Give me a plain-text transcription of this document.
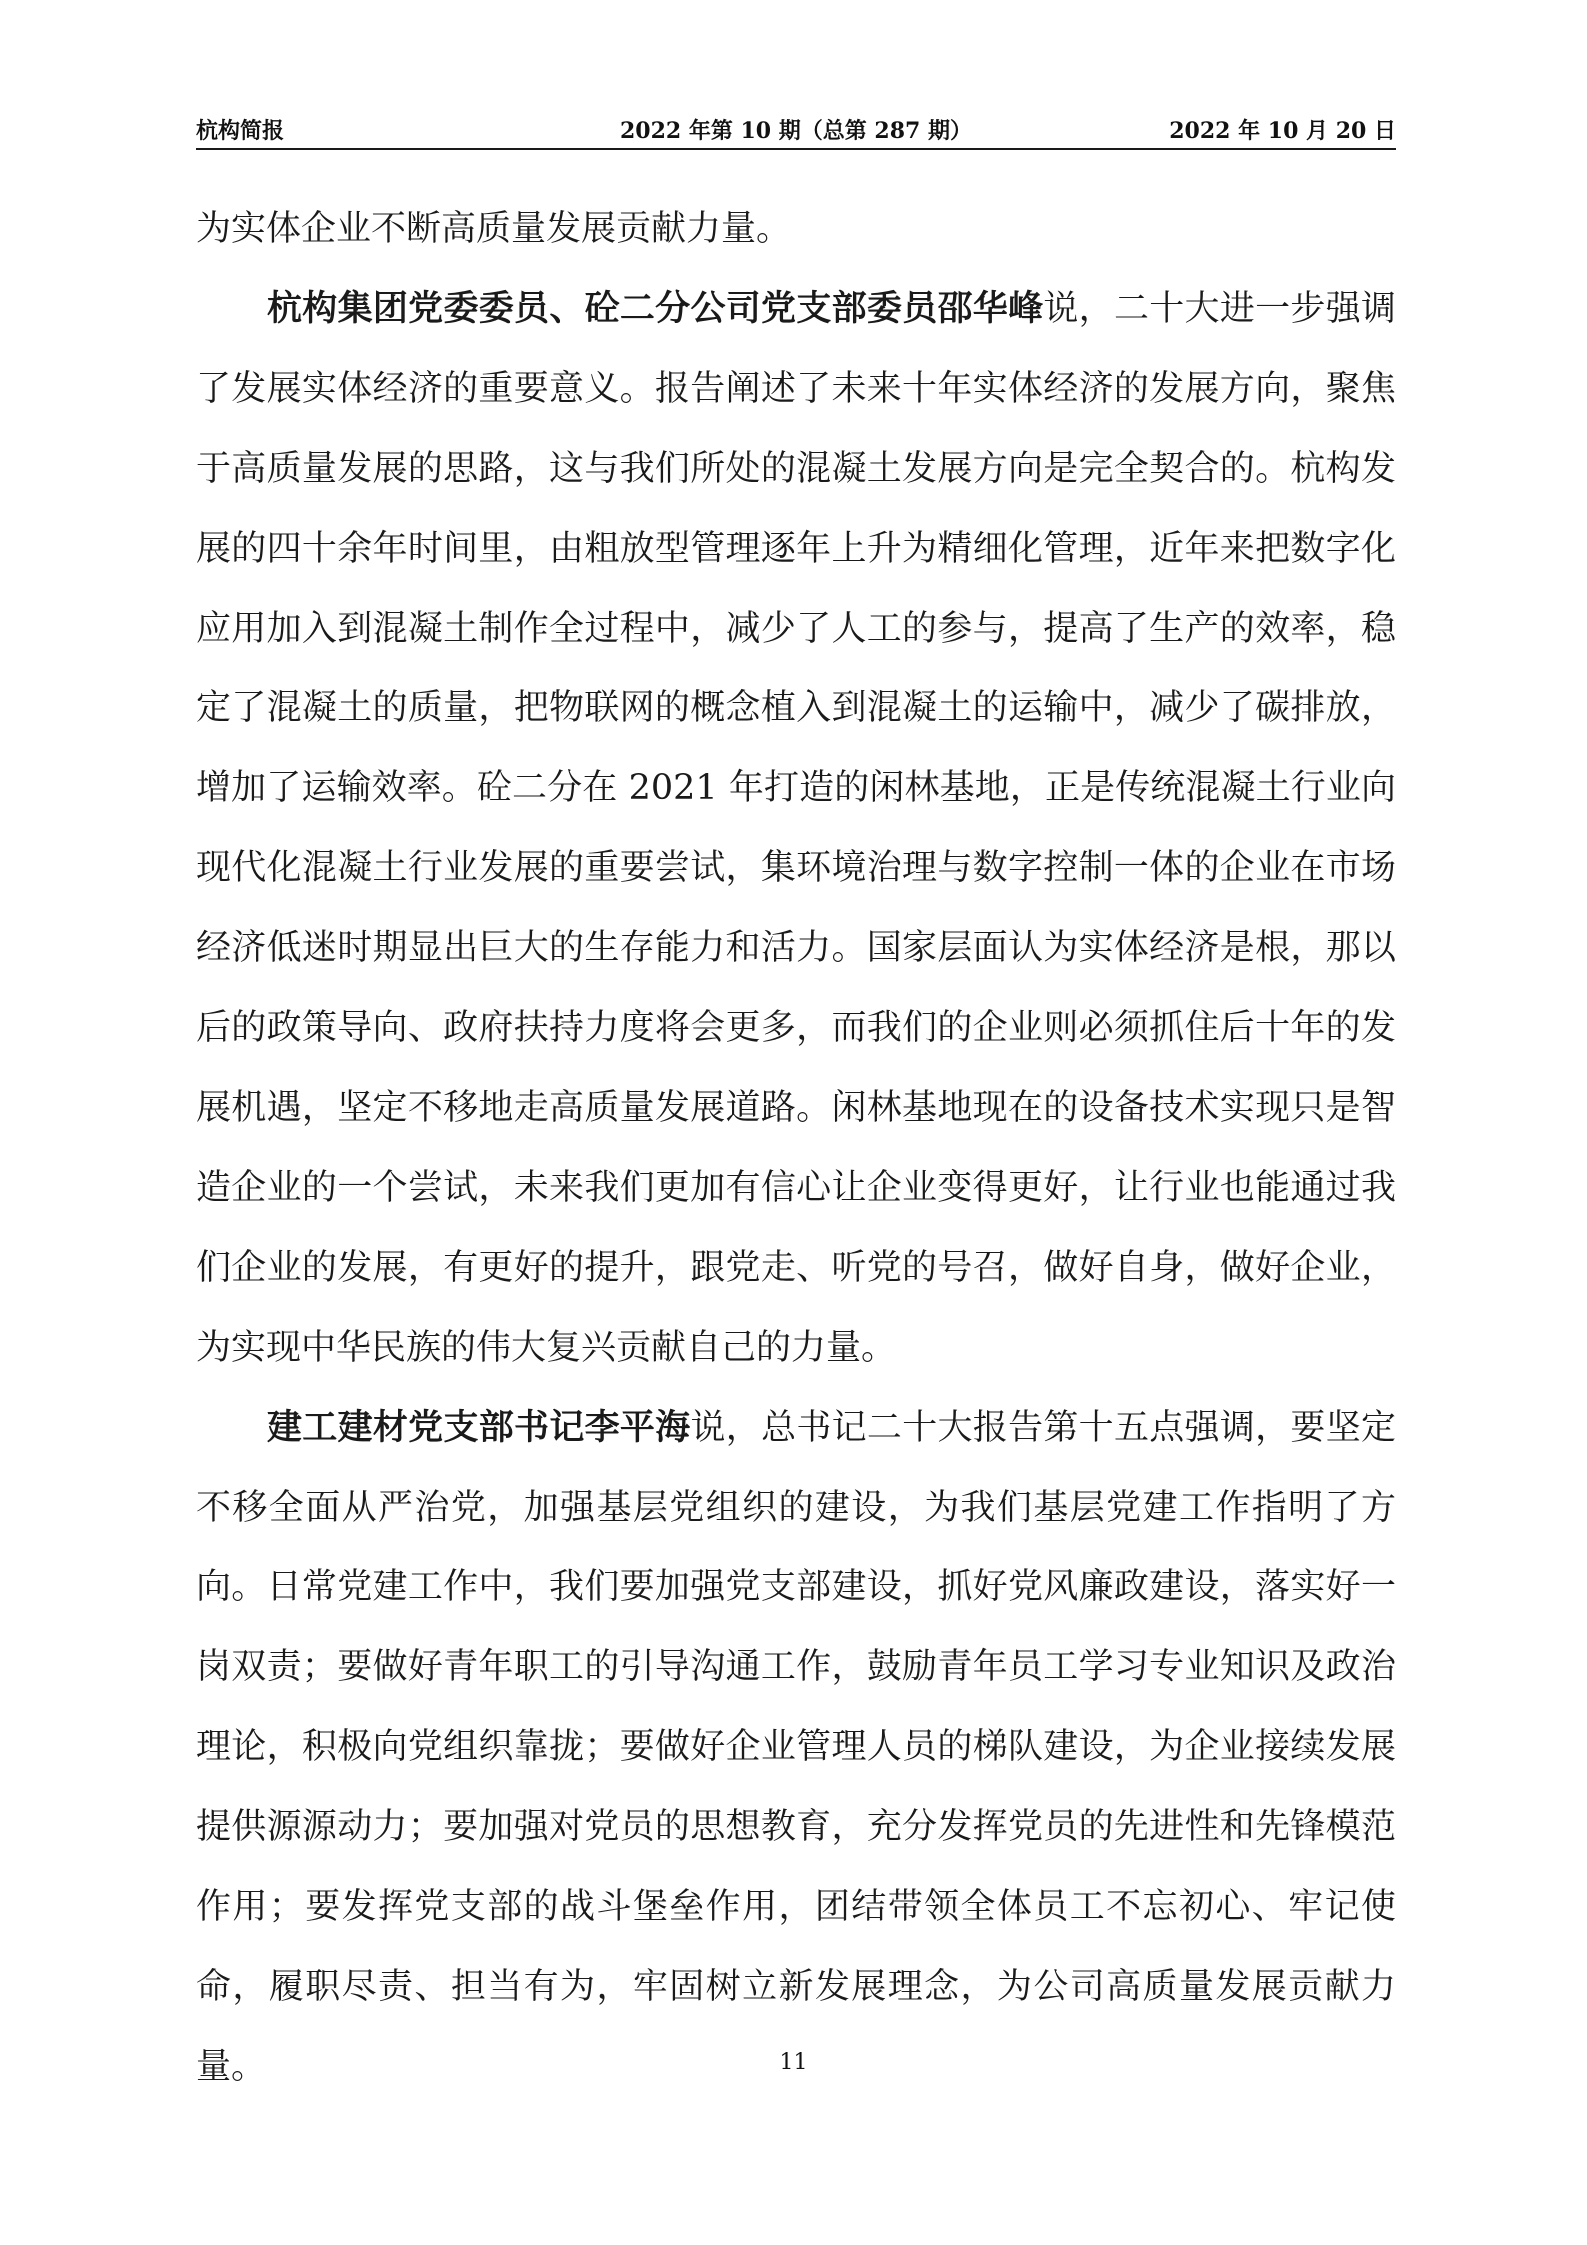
杭构简报	2022 年第 10 期（总第 287 期）	2022 年 10 月 20 日

为实体企业不断高质量发展贡献力量。

杭构集团党委委员、砼二分公司党支部委员邵华峰说，二十大进一步强调了发展实体经济的重要意义。报告阐述了未来十年实体经济的发展方向，聚焦于高质量发展的思路，这与我们所处的混凝土发展方向是完全契合的。杭构发展的四十余年时间里，由粗放型管理逐年上升为精细化管理，近年来把数字化应用加入到混凝土制作全过程中，减少了人工的参与，提高了生产的效率，稳定了混凝土的质量，把物联网的概念植入到混凝土的运输中，减少了碳排放，增加了运输效率。砼二分在 2021 年打造的闲林基地，正是传统混凝土行业向现代化混凝土行业发展的重要尝试，集环境治理与数字控制一体的企业在市场经济低迷时期显出巨大的生存能力和活力。国家层面认为实体经济是根，那以后的政策导向、政府扶持力度将会更多，而我们的企业则必须抓住后十年的发展机遇，坚定不移地走高质量发展道路。闲林基地现在的设备技术实现只是智造企业的一个尝试，未来我们更加有信心让企业变得更好，让行业也能通过我们企业的发展，有更好的提升，跟党走、听党的号召，做好自身，做好企业，为实现中华民族的伟大复兴贡献自己的力量。

建工建材党支部书记李平海说，总书记二十大报告第十五点强调，要坚定不移全面从严治党，加强基层党组织的建设，为我们基层党建工作指明了方向。日常党建工作中，我们要加强党支部建设，抓好党风廉政建设，落实好一岗双责；要做好青年职工的引导沟通工作，鼓励青年员工学习专业知识及政治理论，积极向党组织靠拢；要做好企业管理人员的梯队建设，为企业接续发展提供源源动力；要加强对党员的思想教育，充分发挥党员的先进性和先锋模范作用；要发挥党支部的战斗堡垒作用，团结带领全体员工不忘初心、牢记使命，履职尽责、担当有为，牢固树立新发展理念，为公司高质量发展贡献力量。	11
